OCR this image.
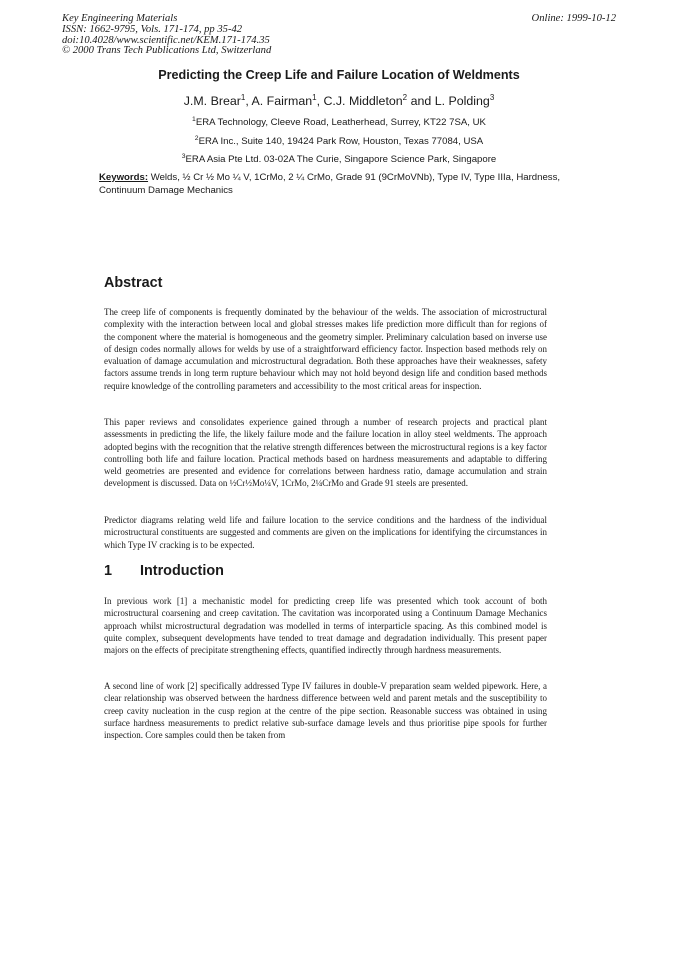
Key Engineering Materials
ISSN: 1662-9795, Vols. 171-174, pp 35-42
doi:10.4028/www.scientific.net/KEM.171-174.35
© 2000 Trans Tech Publications Ltd, Switzerland
Online: 1999-10-12
Predicting the Creep Life and Failure Location of Weldments
J.M. Brear$^1$, A. Fairman$^1$, C.J. Middleton$^2$ and L. Polding$^3$
$^1$ERA Technology, Cleeve Road, Leatherhead, Surrey, KT22 7SA, UK
$^2$ERA Inc., Suite 140, 19424 Park Row, Houston, Texas 77084, USA
$^3$ERA Asia Pte Ltd. 03-02A The Curie, Singapore Science Park, Singapore
Keywords: Welds, ½ Cr ½ Mo ¼ V, 1CrMo, 2 ¼ CrMo, Grade 91 (9CrMoVNb), Type IV, Type IIIa, Hardness, Continuum Damage Mechanics
Abstract
The creep life of components is frequently dominated by the behaviour of the welds. The association of microstructural complexity with the interaction between local and global stresses makes life prediction more difficult than for regions of the component where the material is homogeneous and the geometry simpler. Preliminary calculation based on inverse use of design codes normally allows for welds by use of a straightforward efficiency factor. Inspection based methods rely on evaluation of damage accumulation and microstructural degradation. Both these approaches have their weaknesses, safety factors assume trends in long term rupture behaviour which may not hold beyond design life and condition based methods require knowledge of the controlling parameters and accessibility to the most critical areas for inspection.
This paper reviews and consolidates experience gained through a number of research projects and practical plant assessments in predicting the life, the likely failure mode and the failure location in alloy steel weldments. The approach adopted begins with the recognition that the relative strength differences between the microstructural regions is a key factor controlling both life and failure location. Practical methods based on hardness measurements and adaptable to differing weld geometries are presented and evidence for correlations between hardness ratio, damage accumulation and strain development is discussed. Data on ½Cr½Mo¼V, 1CrMo, 2¼CrMo and Grade 91 steels are presented.
Predictor diagrams relating weld life and failure location to the service conditions and the hardness of the individual microstructural constituents are suggested and comments are given on the implications for identifying the circumstances in which Type IV cracking is to be expected.
1 Introduction
In previous work [1] a mechanistic model for predicting creep life was presented which took account of both microstructural coarsening and creep cavitation. The cavitation was incorporated using a Continuum Damage Mechanics approach whilst microstructural degradation was modelled in terms of interparticle spacing. As this combined model is quite complex, subsequent developments have tended to treat damage and degradation individually. This present paper majors on the effects of precipitate strengthening effects, quantified indirectly through hardness measurements.
A second line of work [2] specifically addressed Type IV failures in double-V preparation seam welded pipework. Here, a clear relationship was observed between the hardness difference between weld and parent metals and the susceptibility to creep cavity nucleation in the cusp region at the centre of the pipe section. Reasonable success was obtained in using surface hardness measurements to predict relative sub-surface damage levels and thus prioritise pipe spools for further inspection. Core samples could then be taken from
